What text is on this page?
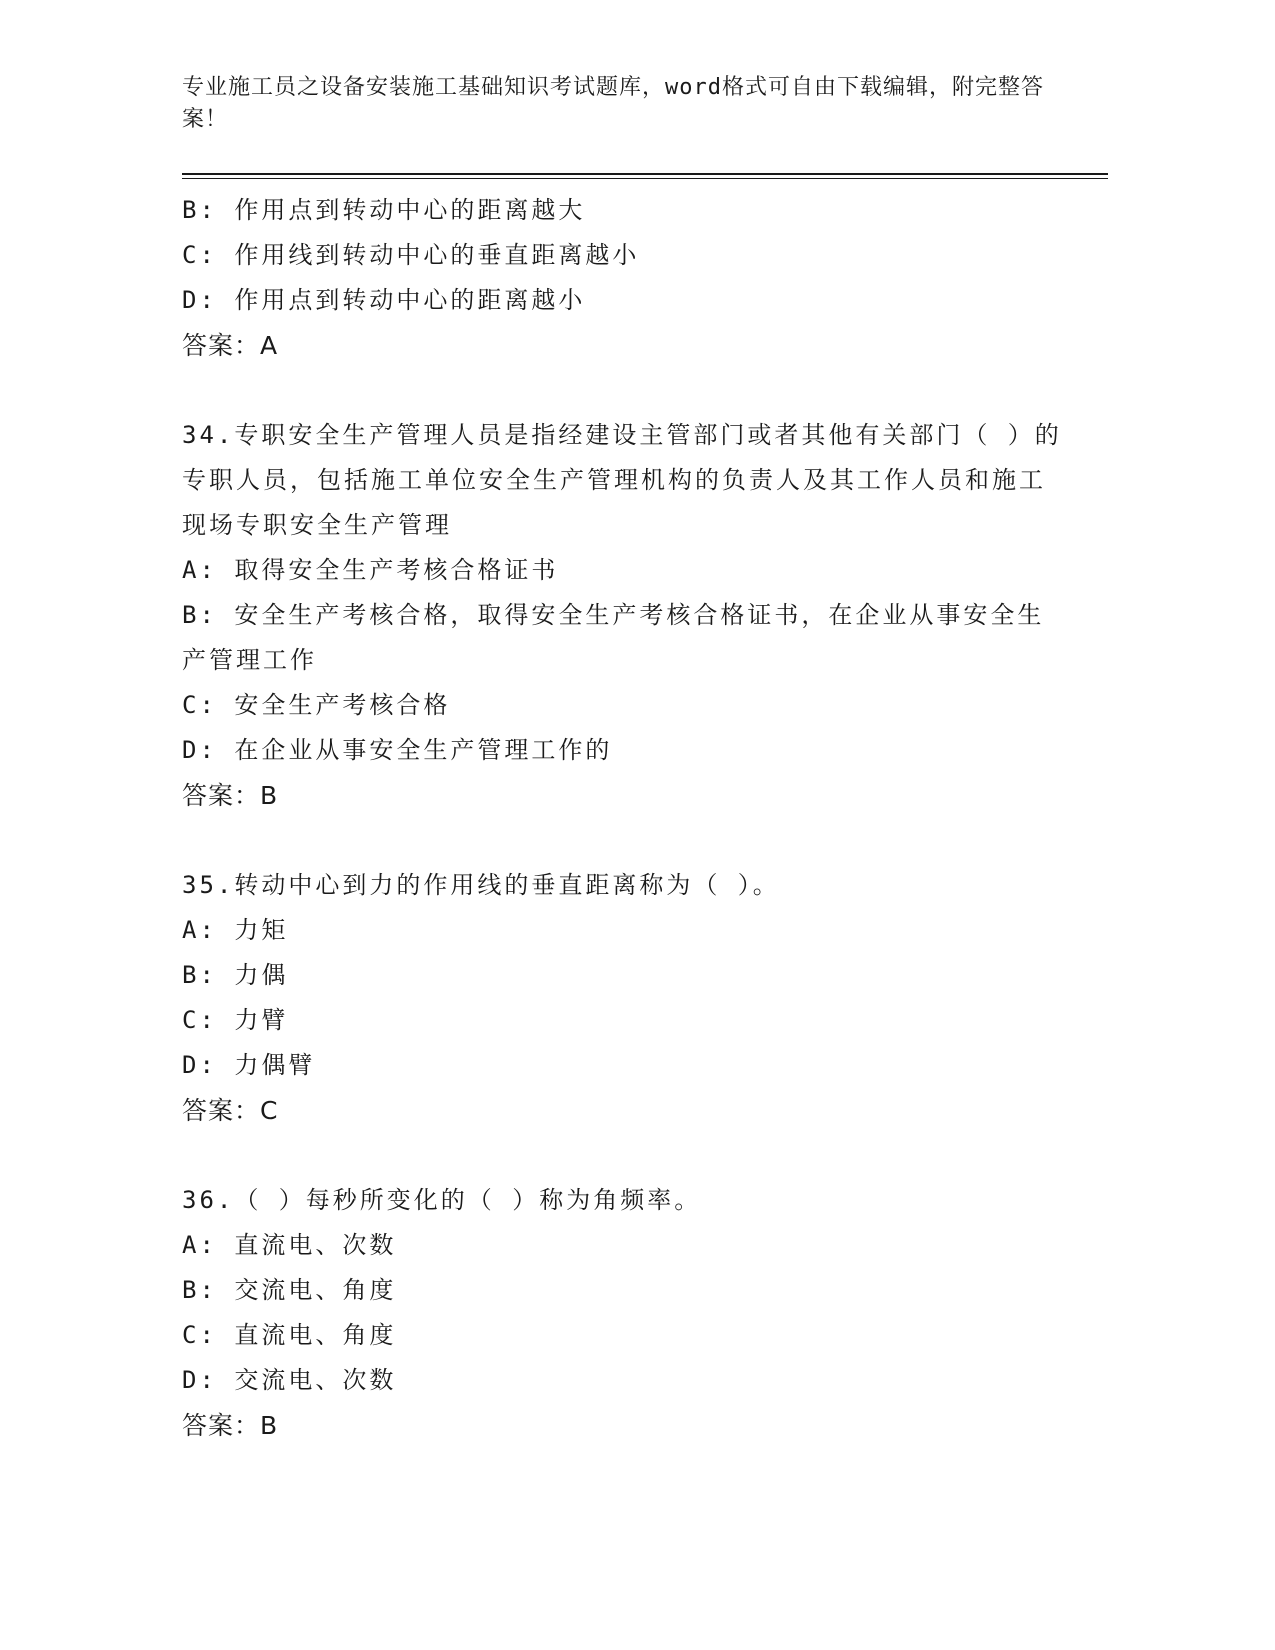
专业施工员之设备安装施工基础知识考试题库，word格式可自由下载编辑，附完整答案！

B: 作用点到转动中心的距离越大

C: 作用线到转动中心的垂直距离越小

D: 作用点到转动中心的距离越小

答案：A

34.专职安全生产管理人员是指经建设主管部门或者其他有关部门（ ）的专职人员，包括施工单位安全生产管理机构的负责人及其工作人员和施工现场专职安全生产管理

A: 取得安全生产考核合格证书

B: 安全生产考核合格，取得安全生产考核合格证书，在企业从事安全生产管理工作

C: 安全生产考核合格

D: 在企业从事安全生产管理工作的

答案：B

35.转动中心到力的作用线的垂直距离称为（ ）。

A: 力矩

B: 力偶

C: 力臂

D: 力偶臂

答案：C

36.（ ）每秒所变化的（ ）称为角频率。

A: 直流电、次数

B: 交流电、角度

C: 直流电、角度

D: 交流电、次数

答案：B
